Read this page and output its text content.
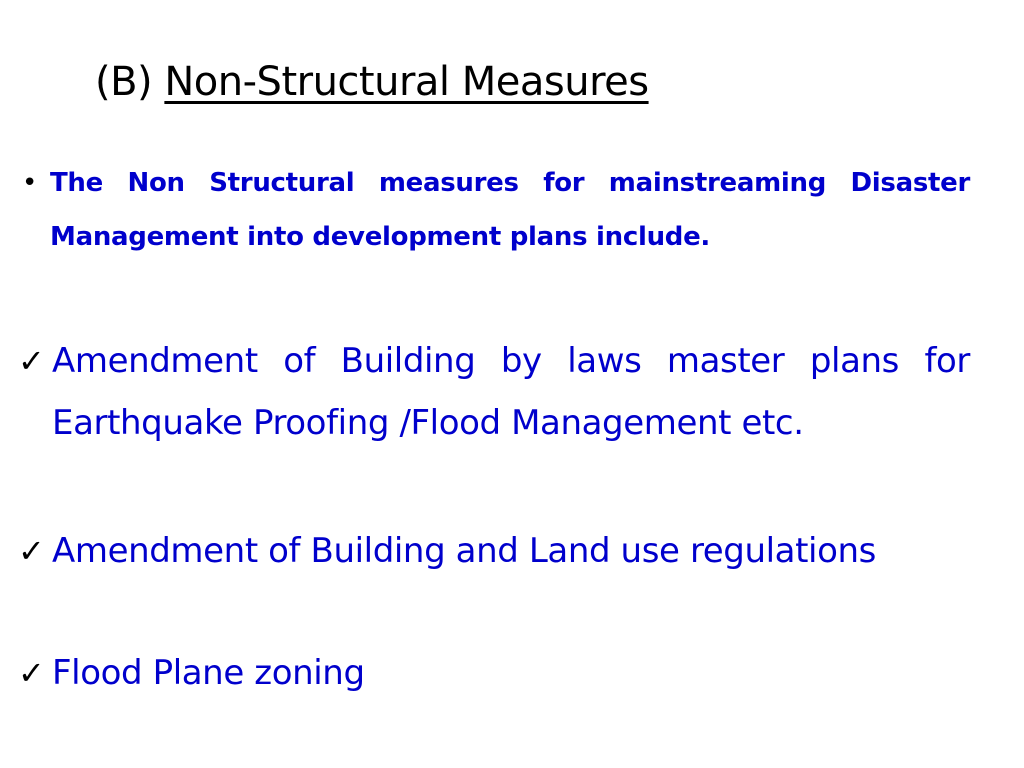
(B) Non-Structural Measures
• The Non Structural measures for mainstreaming Disaster Management into development plans include.
✓ Amendment of Building by laws master plans for Earthquake Proofing /Flood Management etc.
✓ Amendment of Building and Land use regulations
✓ Flood Plane zoning
